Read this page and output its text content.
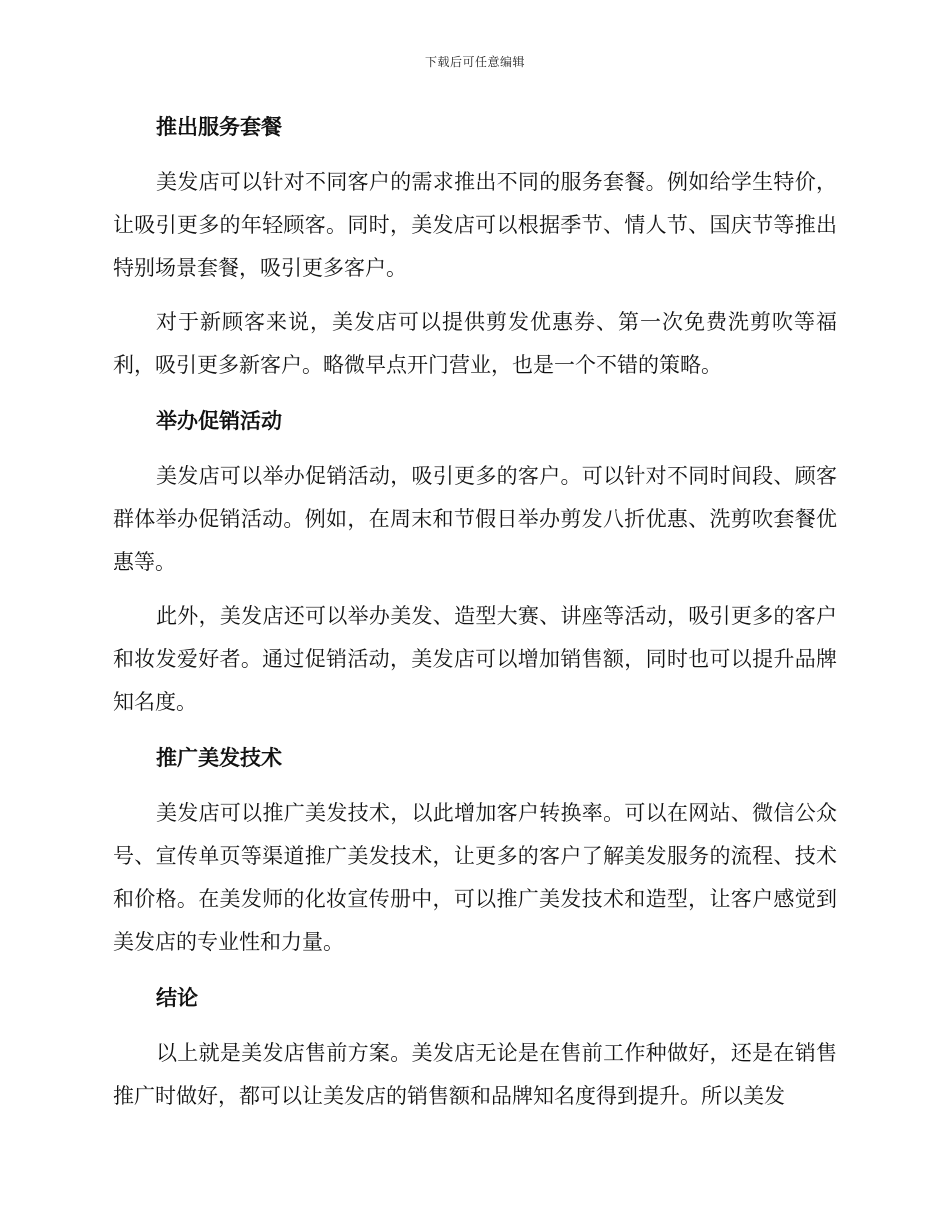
下载后可任意编辑
推出服务套餐

美发店可以针对不同客户的需求推出不同的服务套餐。例如给学生特价，让吸引更多的年轻顾客。同时，美发店可以根据季节、情人节、国庆节等推出特别场景套餐，吸引更多客户。

对于新顾客来说，美发店可以提供剪发优惠券、第一次免费洗剪吹等福利，吸引更多新客户。略微早点开门营业，也是一个不错的策略。

举办促销活动

美发店可以举办促销活动，吸引更多的客户。可以针对不同时间段、顾客群体举办促销活动。例如，在周末和节假日举办剪发八折优惠、洗剪吹套餐优惠等。

此外，美发店还可以举办美发、造型大赛、讲座等活动，吸引更多的客户和妆发爱好者。通过促销活动，美发店可以增加销售额，同时也可以提升品牌知名度。

推广美发技术

美发店可以推广美发技术，以此增加客户转换率。可以在网站、微信公众号、宣传单页等渠道推广美发技术，让更多的客户了解美发服务的流程、技术和价格。在美发师的化妆宣传册中，可以推广美发技术和造型，让客户感觉到美发店的专业性和力量。

结论

以上就是美发店售前方案。美发店无论是在售前工作种做好，还是在销售推广时做好，都可以让美发店的销售额和品牌知名度得到提升。所以美发
